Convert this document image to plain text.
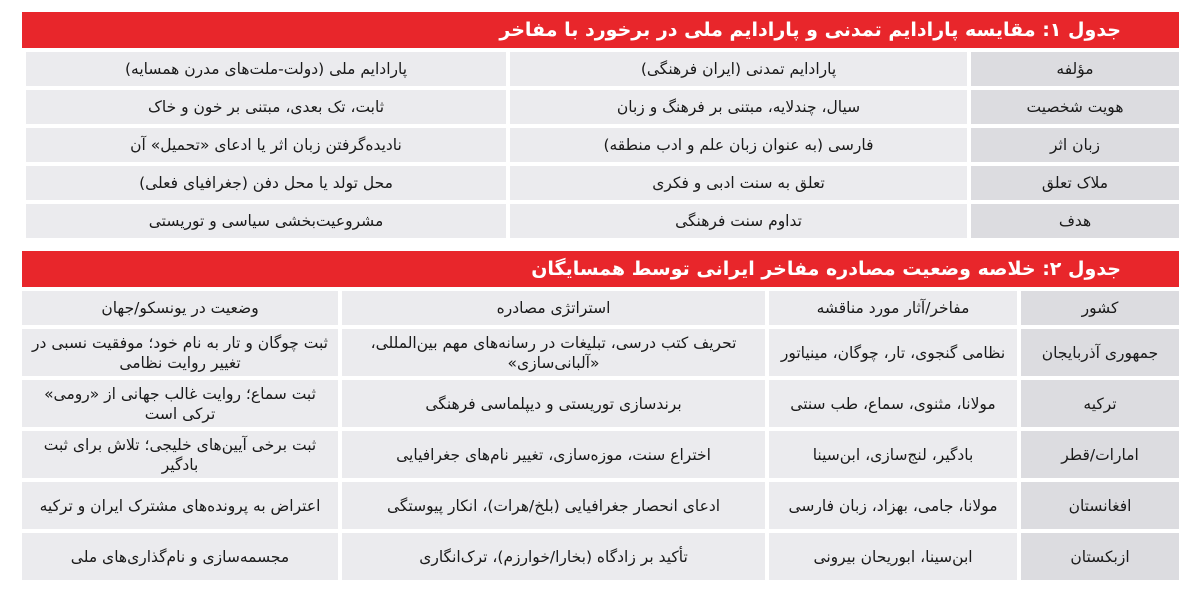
جدول ۱: مقایسه پارادایم تمدنی و پارادایم ملی در برخورد با مفاخر
مؤلفه
پارادایم تمدنی (ایران فرهنگی)
پارادایم ملی (دولت-ملت‌های مدرن همسایه)
هویت شخصیت
سیال، چندلایه، مبتنی بر فرهنگ و زبان
ثابت، تک بعدی، مبتنی بر خون و خاک
زبان اثر
فارسی (به عنوان زبان علم و ادب منطقه)
نادیده‌گرفتن زبان اثر یا ادعای «تحمیل» آن
ملاک تعلق
تعلق به سنت ادبی و فکری
محل تولد یا محل دفن (جغرافیای فعلی)
هدف
تداوم سنت فرهنگی
مشروعیت‌بخشی سیاسی و توریستی
جدول ۲: خلاصه وضعیت مصادره مفاخر ایرانی توسط همسایگان
کشور
مفاخر/آثار مورد مناقشه
استراتژی مصادره
وضعیت در یونسکو/جهان
جمهوری آذربایجان
نظامی گنجوی، تار، چوگان، مینیاتور
تحریف کتب درسی، تبلیغات در رسانه‌های مهم بین‌المللی، «آلبانی‌سازی»
ثبت چوگان و تار به نام خود؛ موفقیت نسبی در تغییر روایت نظامی
ترکیه
مولانا، مثنوی، سماع، طب سنتی
برندسازی توریستی و دیپلماسی فرهنگی
ثبت سماع؛ روایت غالب جهانی از «رومی» ترکی است
امارات/قطر
بادگیر، لنج‌سازی، ابن‌سینا
اختراع سنت، موزه‌سازی، تغییر نام‌های جغرافیایی
ثبت برخی آیین‌های خلیجی؛ تلاش برای ثبت بادگیر
افغانستان
مولانا، جامی، بهزاد، زبان فارسی
ادعای انحصار جغرافیایی (بلخ/هرات)، انکار پیوستگی
اعتراض به پرونده‌های مشترک ایران و ترکیه
ازبکستان
ابن‌سینا، ابوریحان بیرونی
تأکید بر زادگاه (بخارا/خوارزم)، ترک‌انگاری
مجسمه‌سازی و نام‌گذاری‌های ملی
